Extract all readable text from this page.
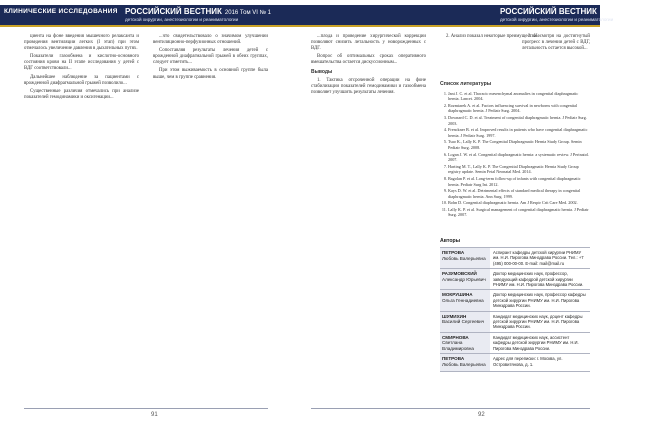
КЛИНИЧЕСКИЕ ИССЛЕДОВАНИЯ РОССИЙСКИЙ ВЕСТНИК 2016 Том VI № 1
детской хирургии, анестезиологии и реаниматологии

циента на фоне введения мышечного релаксанта и проведения вентиляции легких (I этап) при этом отмечалось увеличение давления в дыхательных путях.

Показатели газообмена и кислотно-основного состояния крови на II этапе исследования у детей с ВДГ соответствовали...

Дальнейшее наблюдение за пациентами с врожденной диафрагмальной грыжей позволило...

Существенные различия отмечались при анализе показателей гемодинамики и оксигенации...

...что свидетельствовало о значимом улучшении вентиляционно-перфузионных отношений.

Сопоставляя результаты лечения детей с врожденной диафрагмальной грыжей в обеих группах, следует отметить...

При этом выживаемость в основной группе была выше, чем в группе сравнения.

91
РОССИЙСКИЙ ВЕСТНИК 2016 Том VI № 1
детской хирургии, анестезиологии и реаниматологии

...плода и проведение хирургической коррекции позволяют снизить летальность у новорожденных с ВДГ.

Вопрос об оптимальных сроках оперативного вмешательства остается дискуссионным...

Выводы

1. Тактика отсроченной операции на фоне стабилизации показателей гемодинамики и газообмена позволяет улучшить результаты лечения.

2. Анализ показал некоторые преимущества...

3. Несмотря на достигнутый прогресс в лечении детей с ВДГ, летальность остается высокой...

Список литературы
1. Jani J. C. et al. Thoracic mesenchymal anomalies in congenital diaphragmatic hernia. Lancet. 2004.
2. Rozmiarek A. et al. Factors influencing survival in newborns with congenital diaphragmatic hernia. J Pediatr Surg. 2004.
3. Downard C. D. et al. Treatment of congenital diaphragmatic hernia. J Pediatr Surg. 2003.
4. Frenckner B. et al. Improved results in patients who have congenital diaphragmatic hernia. J Pediatr Surg. 1997.
5. Tsao K., Lally K. P. The Congenital Diaphragmatic Hernia Study Group. Semin Pediatr Surg. 2008.
6. Logan J. W. et al. Congenital diaphragmatic hernia: a systematic review. J Perinatol. 2007.
7. Harting M. T., Lally K. P. The Congenital Diaphragmatic Hernia Study Group registry update. Semin Fetal Neonatal Med. 2014.
8. Bagolan P. et al. Long-term follow-up of infants with congenital diaphragmatic hernia. Pediatr Surg Int. 2012.
9. Kays D. W. et al. Detrimental effects of standard medical therapy in congenital diaphragmatic hernia. Ann Surg. 1999.
10. Bohn D. Congenital diaphragmatic hernia. Am J Respir Crit Care Med. 2002.
11. Lally K. P. et al. Surgical management of congenital diaphragmatic hernia. J Pediatr Surg. 2007.
Авторы
ПЕТРОВА
Любовь Валерьевна
Аспирант кафедры детской хирургии РНИМУ им. Н.И. Пирогова Минздрава России. Тел.: +7 (495) 000-00-00. E-mail: mail@mail.ru
РАЗУМОВСКИЙ
Александр Юрьевич
Доктор медицинских наук, профессор, заведующий кафедрой детской хирургии РНИМУ им. Н.И. Пирогова Минздрава России.
МОКРУШИНА
Ольга Геннадиевна
Доктор медицинских наук, профессор кафедры детской хирургии РНИМУ им. Н.И. Пирогова Минздрава России.
ШУМИХИН
Василий Сергеевич
Кандидат медицинских наук, доцент кафедры детской хирургии РНИМУ им. Н.И. Пирогова Минздрава России.
СМИРНОВА
Светлана Владимировна
Кандидат медицинских наук, ассистент кафедры детской хирургии РНИМУ им. Н.И. Пирогова Минздрава России.
ПЕТРОВА
Любовь Валерьевна
Адрес для переписки: г. Москва, ул. Островитянова, д. 1.
92
